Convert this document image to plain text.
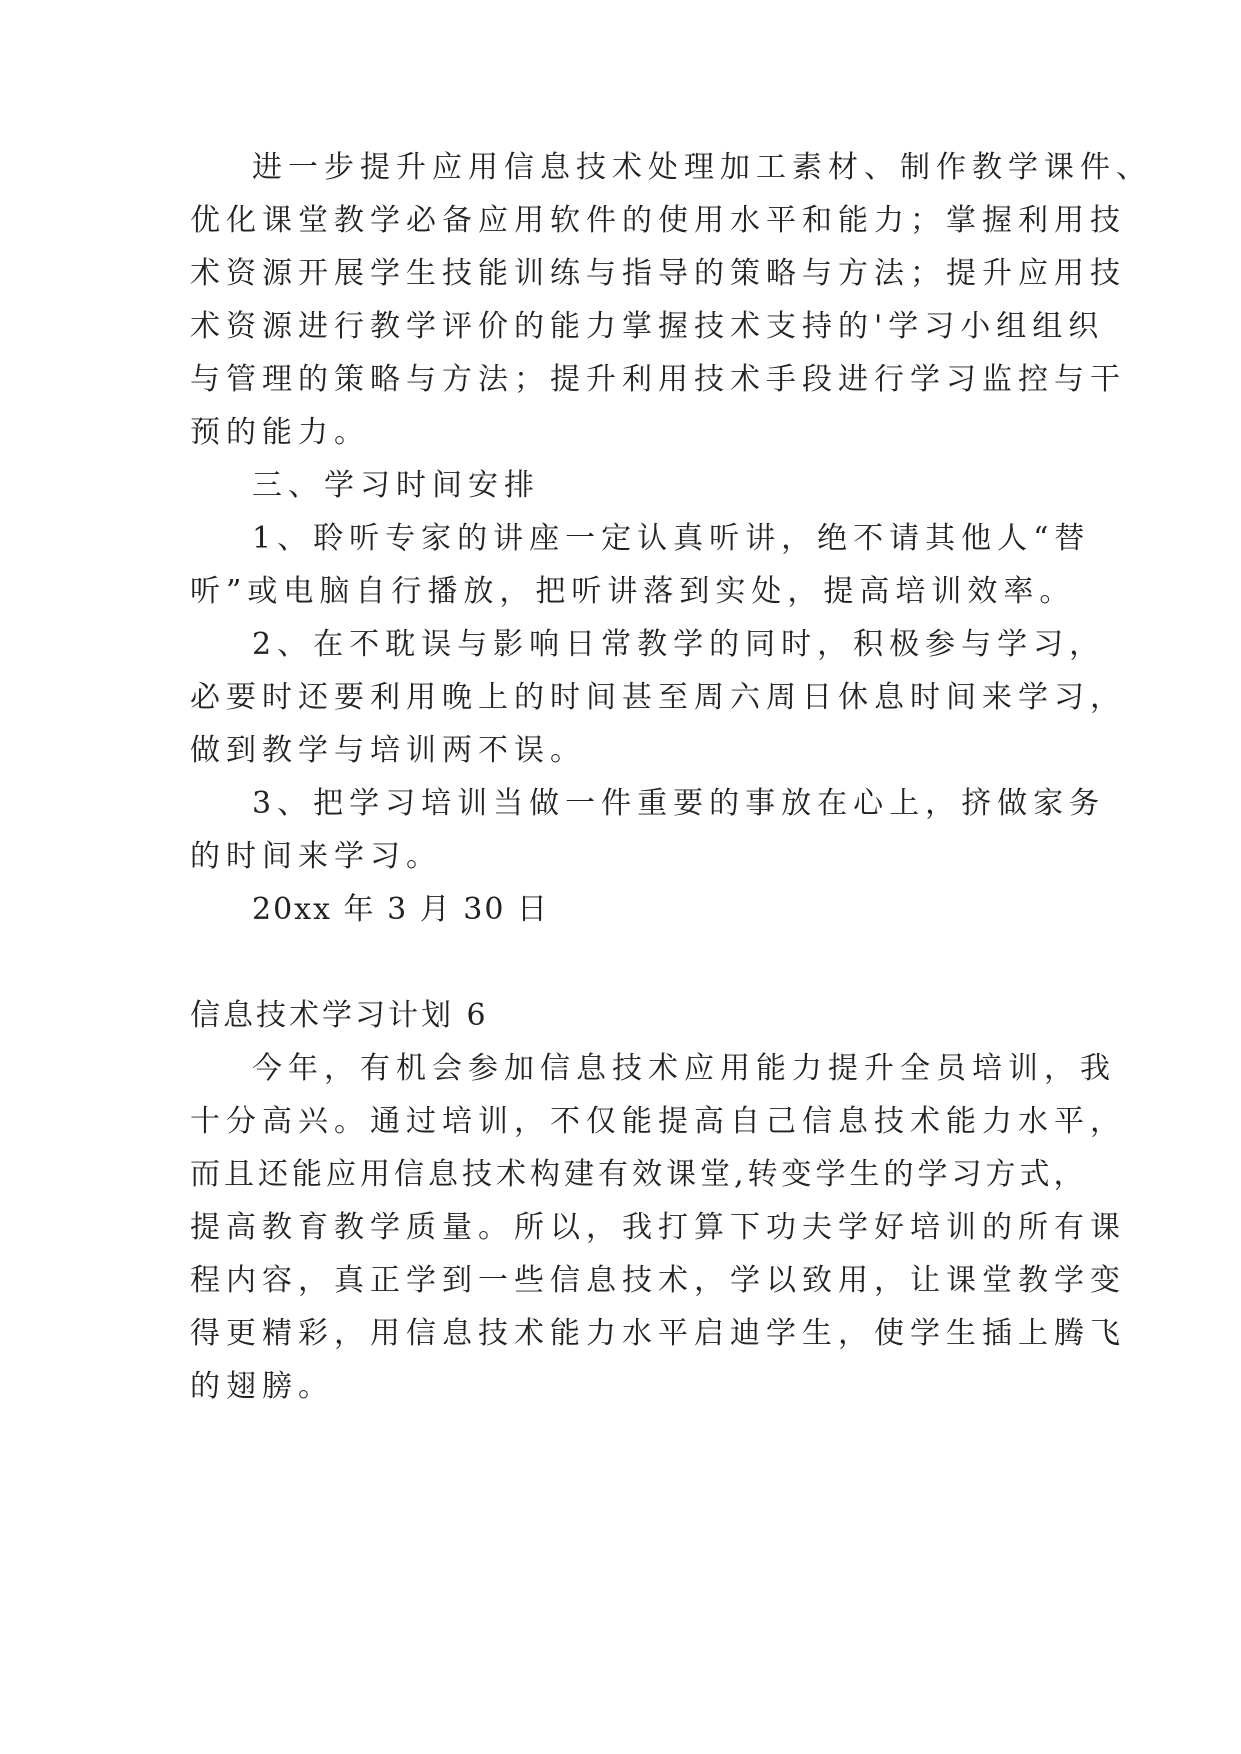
进一步提升应用信息技术处理加工素材、制作教学课件、
优化课堂教学必备应用软件的使用水平和能力；掌握利用技
术资源开展学生技能训练与指导的策略与方法；提升应用技
术资源进行教学评价的能力掌握技术支持的'学习小组组织
与管理的策略与方法；提升利用技术手段进行学习监控与干
预的能力。
三、学习时间安排
1、聆听专家的讲座一定认真听讲，绝不请其他人“替
听”或电脑自行播放，把听讲落到实处，提高培训效率。
2、在不耽误与影响日常教学的同时，积极参与学习，
必要时还要利用晚上的时间甚至周六周日休息时间来学习，
做到教学与培训两不误。
3、把学习培训当做一件重要的事放在心上，挤做家务
的时间来学习。
20xx 年 3 月 30 日
信息技术学习计划 6
今年，有机会参加信息技术应用能力提升全员培训，我
十分高兴。通过培训，不仅能提高自己信息技术能力水平，
而且还能应用信息技术构建有效课堂,转变学生的学习方式，
提高教育教学质量。所以，我打算下功夫学好培训的所有课
程内容，真正学到一些信息技术，学以致用，让课堂教学变
得更精彩，用信息技术能力水平启迪学生，使学生插上腾飞
的翅膀。
